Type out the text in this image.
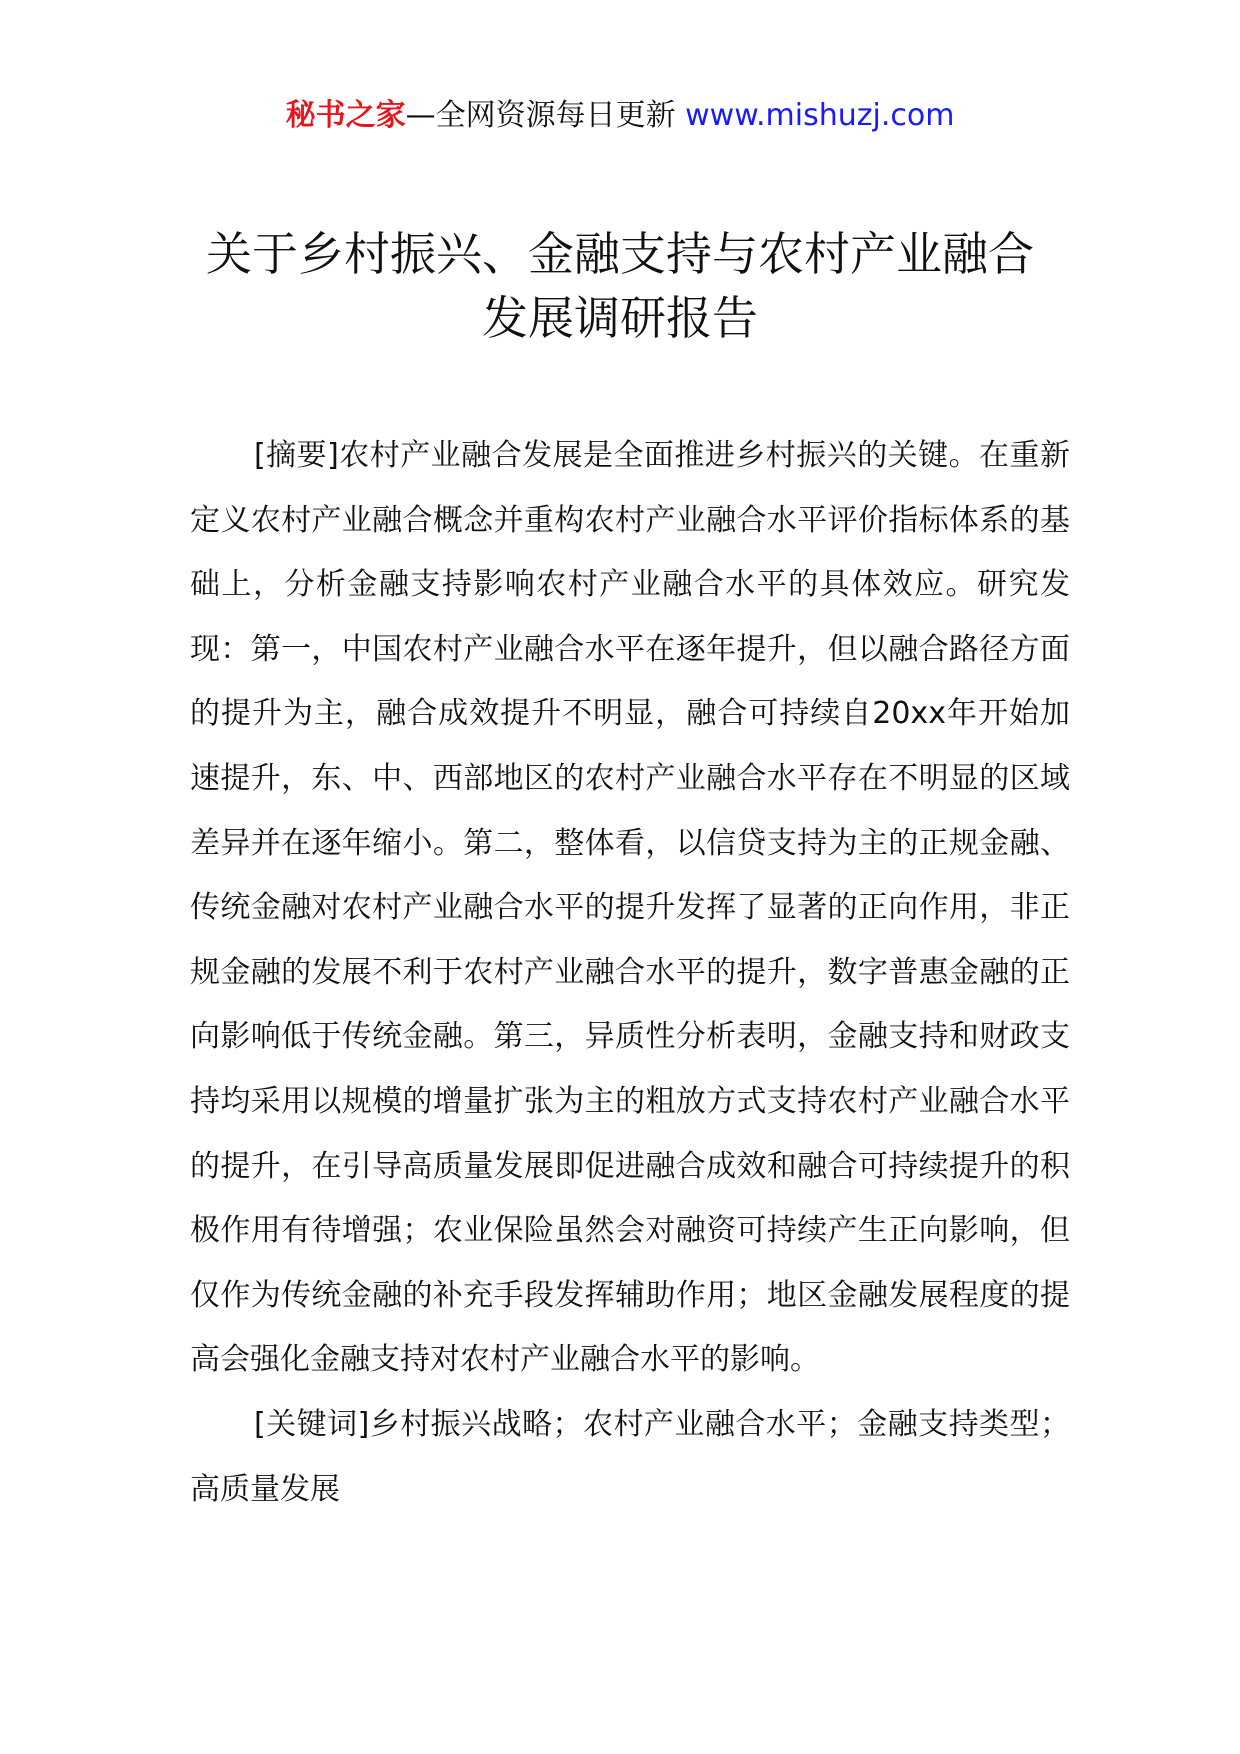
秘书之家—全网资源每日更新 www.mishuzj.com
关于乡村振兴、金融支持与农村产业融合
发展调研报告

[摘要]农村产业融合发展是全面推进乡村振兴的关键。在重新定义农村产业融合概念并重构农村产业融合水平评价指标体系的基础上，分析金融支持影响农村产业融合水平的具体效应。研究发现：第一，中国农村产业融合水平在逐年提升，但以融合路径方面的提升为主，融合成效提升不明显，融合可持续自20xx年开始加速提升，东、中、西部地区的农村产业融合水平存在不明显的区域差异并在逐年缩小。第二，整体看，以信贷支持为主的正规金融、传统金融对农村产业融合水平的提升发挥了显著的正向作用，非正规金融的发展不利于农村产业融合水平的提升，数字普惠金融的正向影响低于传统金融。第三，异质性分析表明，金融支持和财政支持均采用以规模的增量扩张为主的粗放方式支持农村产业融合水平的提升，在引导高质量发展即促进融合成效和融合可持续提升的积极作用有待增强；农业保险虽然会对融资可持续产生正向影响，但仅作为传统金融的补充手段发挥辅助作用；地区金融发展程度的提高会强化金融支持对农村产业融合水平的影响。

[关键词]乡村振兴战略；农村产业融合水平；金融支持类型；高质量发展
